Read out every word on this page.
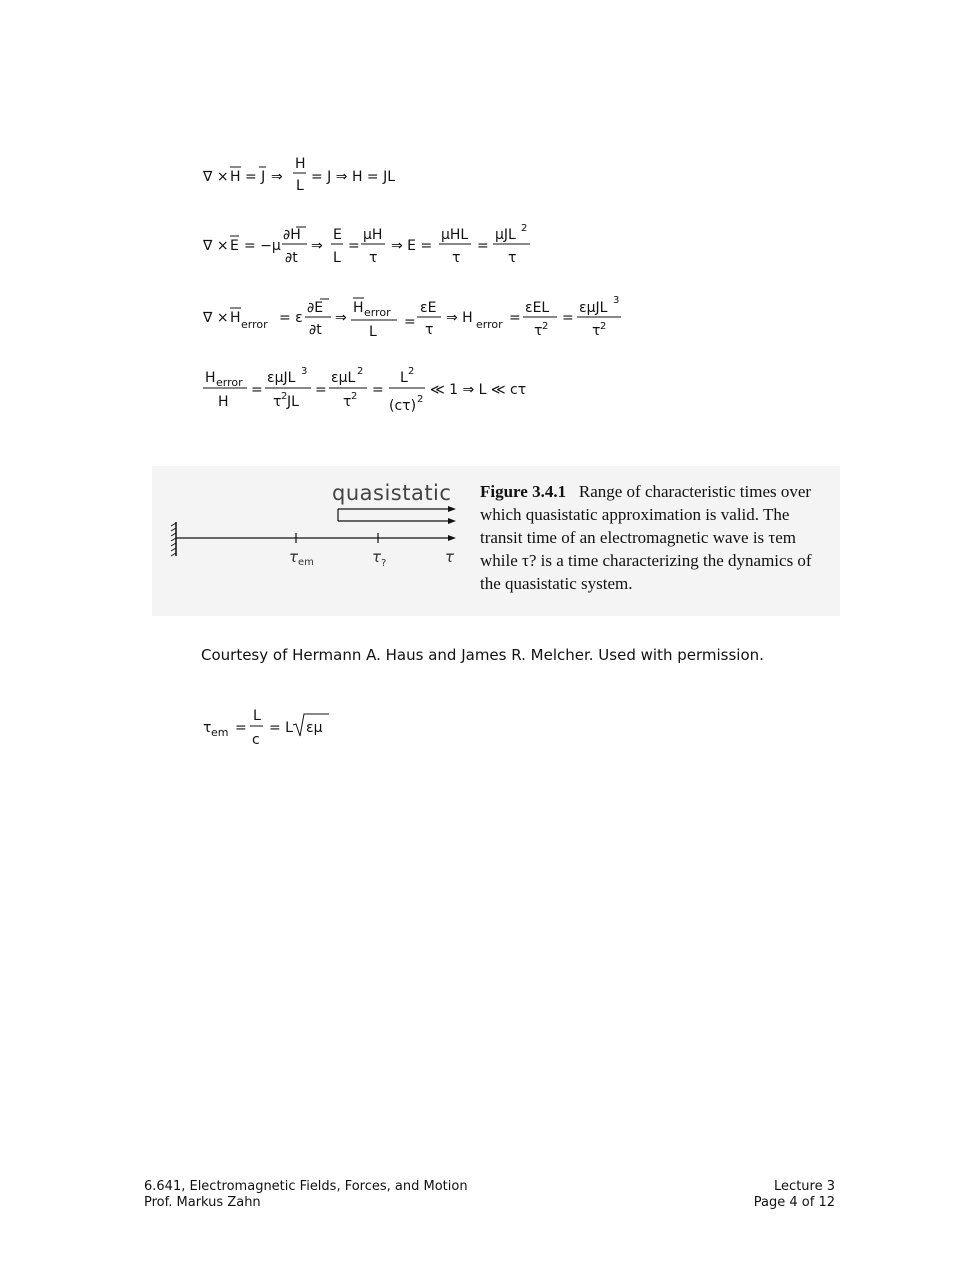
∇ × H = J ⇒
H
L
= J ⇒ H = JL
∇ × E = −μ
∂H
∂t
⇒
E
L
=
μH
τ
⇒ E =
μHL
τ
=
μJL 2
τ
∇ × H error = ε
∂E
∂t
⇒
H error
L
=
εE
τ
⇒ H error =
εEL
τ 2
=
εμJL 3
τ 2
H error
H
=
εμJL 3
τ 2 JL
=
εμL 2
τ 2 =
L 2
(cτ) 2
≪ 1 ⇒ L ≪ cτ
τ em	τ ?	τ
quasistatic Figure 3.4.1 Range of characteristic times over which quasistatic approximation is valid. The transit time of an electromagnetic wave is τem while τ? is a time characterizing the dynamics of the quasistatic system.
Courtesy of Hermann A. Haus and James R. Melcher. Used with permission.
τ em =
L
c
= L εμ
6.641, Electromagnetic Fields, Forces, and Motion
Prof. Markus Zahn
Lecture 3
Page 4 of 12
